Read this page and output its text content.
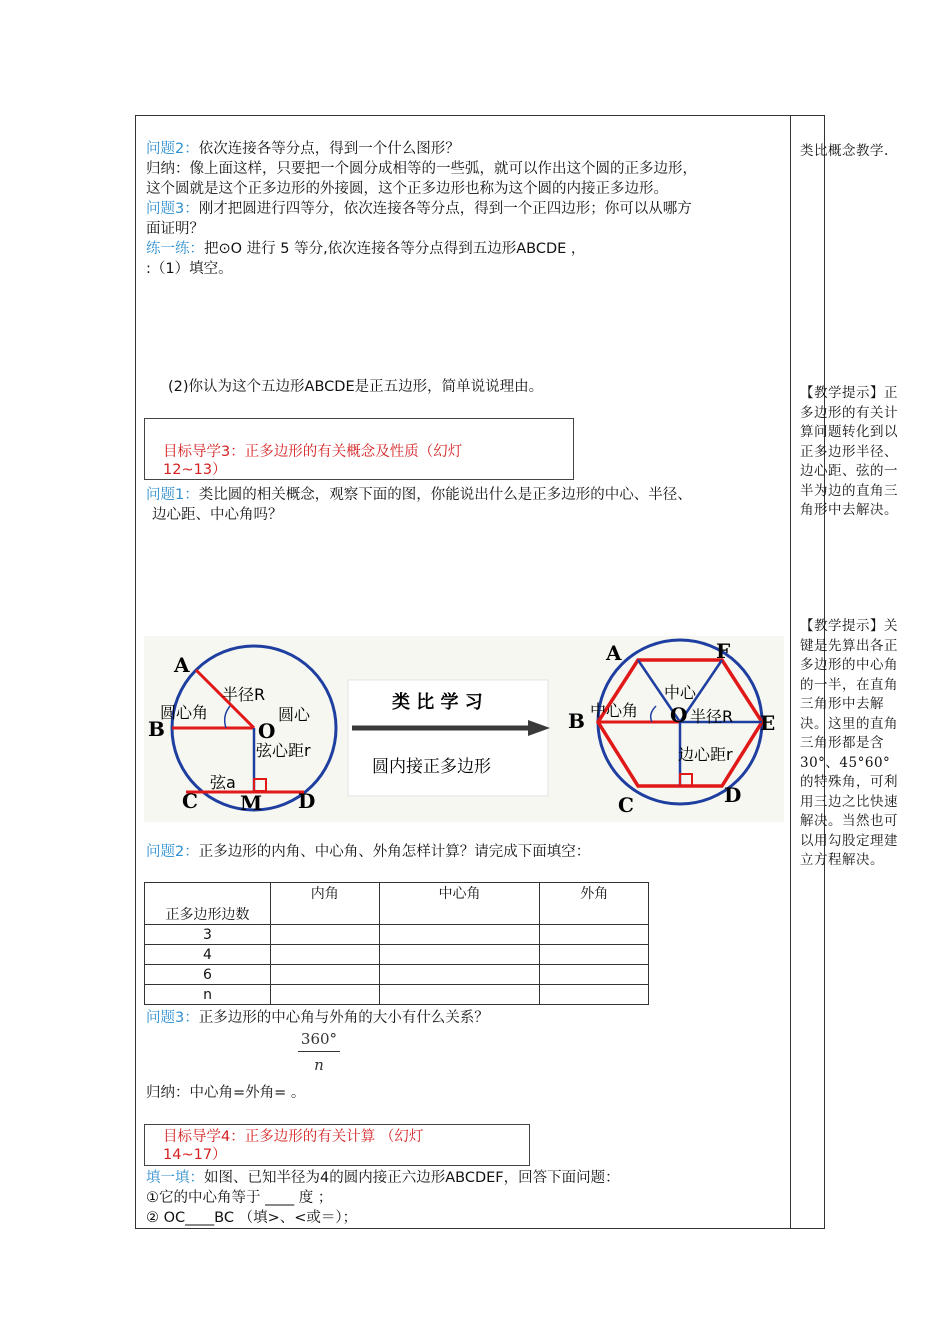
问题2：依次连接各等分点，得到一个什么图形？
归纳：像上面这样，只要把一个圆分成相等的一些弧，就可以作出这个圆的正多边形，
这个圆就是这个正多边形的外接圆，这个正多边形也称为这个圆的内接正多边形。
问题3：刚才把圆进行四等分，依次连接各等分点，得到一个正四边形；你可以从哪方
面证明？
练一练：把⊙O 进行 5 等分,依次连接各等分点得到五边形ABCDE ，
:（1）填空。
(2)你认为这个五边形ABCDE是正五边形，简单说说理由。
目标导学3：正多边形的有关概念及性质（幻灯
12~13）
问题1：类比圆的相关概念，观察下面的图，你能说出什么是正多边形的中心、半径、
边心距、中心角吗？
A
B	O
C M D
半径R
圆心角	圆心
弦心距r
弦a
类 比 学 习
圆内接正多边形
A	F
B	O	E
C	D
中心
中心角	半径R
边心距r
问题2：正多边形的内角、中心角、外角怎样计算？请完成下面填空：
正多边形边数	内角	中心角	外角
3			
4			
6			
n			
问题3：正多边形的中心角与外角的大小有什么关系？
360°
n
归纳：中心角=外角= 。
目标导学4：正多边形的有关计算 （幻灯
14~17）
填一填：如图、已知半径为4的圆内接正六边形ABCDEF，回答下面问题：
①它的中心角等于 ____ 度 ；
② OC____BC （填>、<或＝）；
类比概念教学.
【教学提示】正
多边形的有关计
算问题转化到以
正多边形半径、
边心距、弦的一
半为边的直角三
角形中去解决。
【教学提示】关
键是先算出各正
多边形的中心角
的一半，在直角
三角形中去解
决。这里的直角
三角形都是含
30°、45°60°
的特殊角，可利
用三边之比快速
解决。当然也可
以用勾股定理建
立方程解决。
